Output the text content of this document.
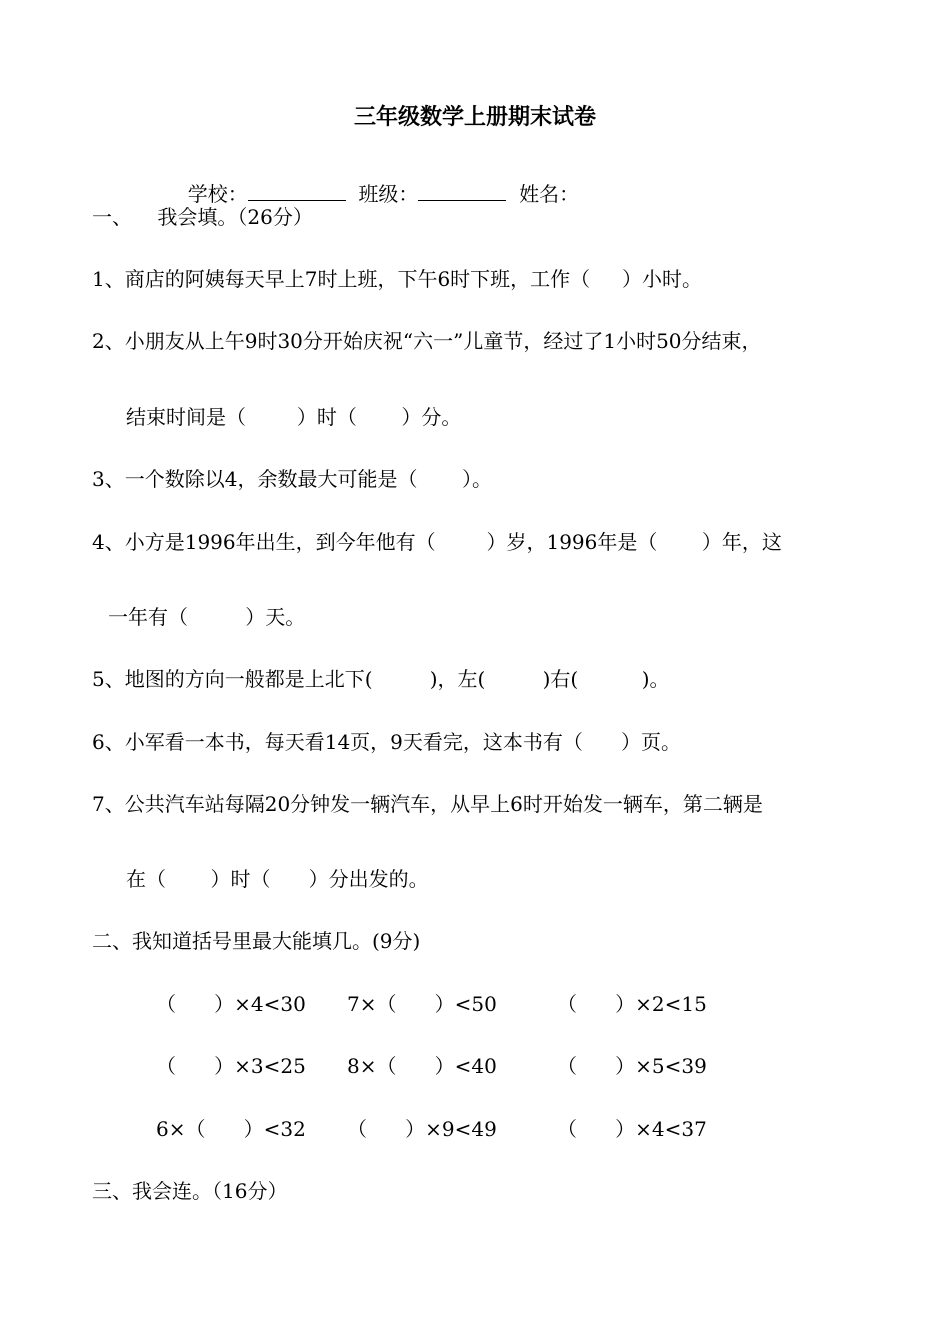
三年级数学上册期末试卷

学校：	班级：	姓名：

一、    我会填。（26分）
1、商店的阿姨每天早上7时上班，下午6时下班，工作（     ）小时。
2、小朋友从上午9时30分开始庆祝“六一”儿童节，经过了1小时50分结束，
结束时间是（        ）时（       ）分。
3、一个数除以4，余数最大可能是（       ）。
4、小方是1996年出生，到今年他有（        ）岁，1996年是（       ）年，这
一年有（         ）天。
5、地图的方向一般都是上北下(         )，左(         )右(          )。
6、小军看一本书，每天看14页，9天看完，这本书有（      ）页。
7、公共汽车站每隔20分钟发一辆汽车，从早上6时开始发一辆车，第二辆是
在（       ）时（      ）分出发的。
二、我知道括号里最大能填几。(9分)
（      ）×4<30 7×（      ）<50	（      ）×2<15
（      ）×3<25 8×（      ）<40	（      ）×5<39
6×（      ）<32 （      ）×9<49	（      ）×4<37
三、我会连。（16分）
